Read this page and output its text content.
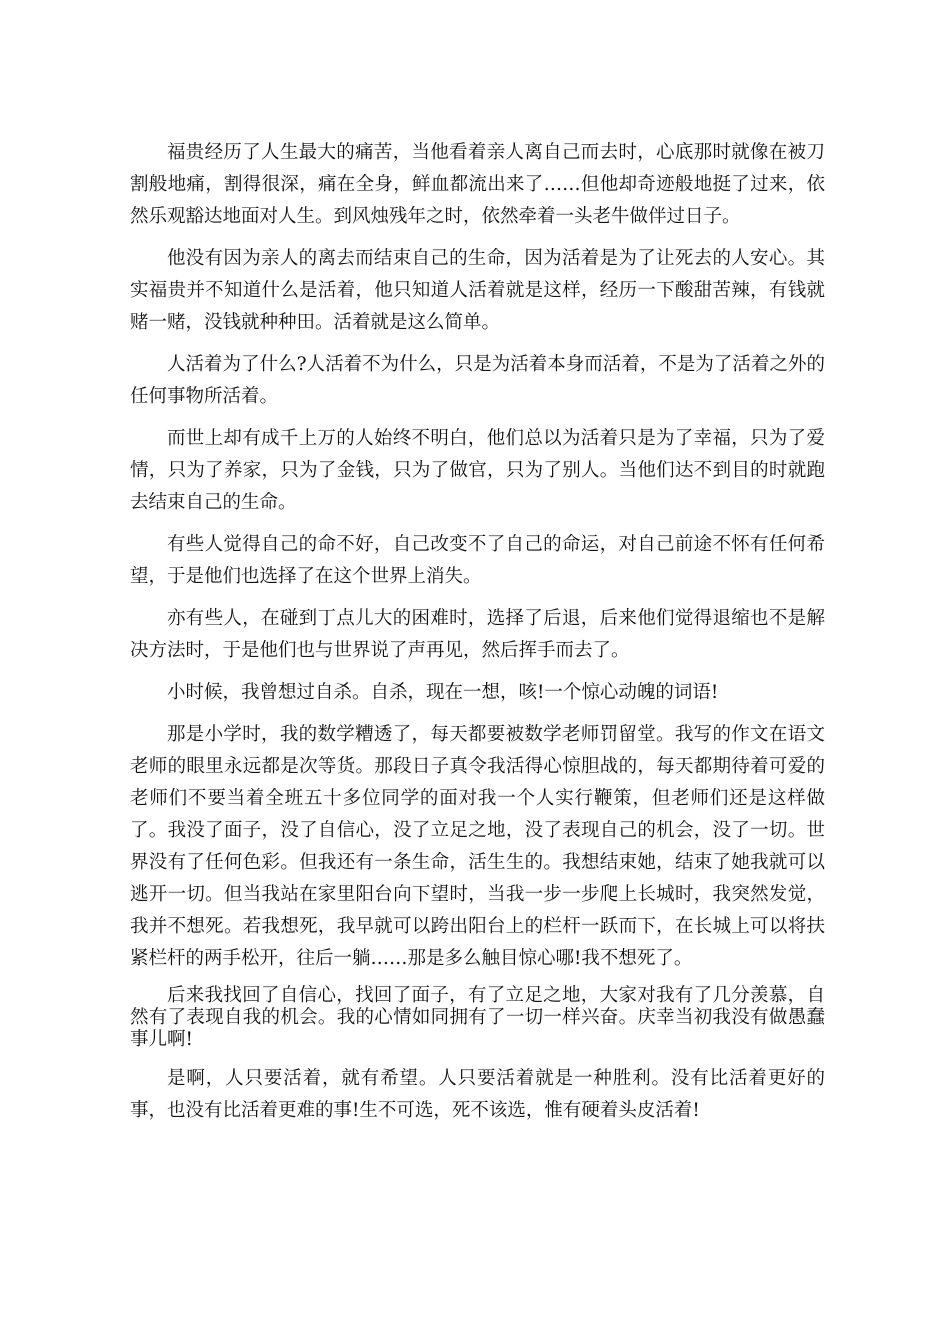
福贵经历了人生最大的痛苦，当他看着亲人离自己而去时，心底那时就像在被刀割般地痛，割得很深，痛在全身，鲜血都流出来了……但他却奇迹般地挺了过来，依然乐观豁达地面对人生。到风烛残年之时，依然牵着一头老牛做伴过日子。

他没有因为亲人的离去而结束自己的生命，因为活着是为了让死去的人安心。其实福贵并不知道什么是活着，他只知道人活着就是这样，经历一下酸甜苦辣，有钱就赌一赌，没钱就种种田。活着就是这么简单。

人活着为了什么?人活着不为什么，只是为活着本身而活着，不是为了活着之外的任何事物所活着。

而世上却有成千上万的人始终不明白，他们总以为活着只是为了幸福，只为了爱情，只为了养家，只为了金钱，只为了做官，只为了别人。当他们达不到目的时就跑去结束自己的生命。

有些人觉得自己的命不好，自己改变不了自己的命运，对自己前途不怀有任何希望，于是他们也选择了在这个世界上消失。

亦有些人，在碰到丁点儿大的困难时，选择了后退，后来他们觉得退缩也不是解决方法时，于是他们也与世界说了声再见，然后挥手而去了。

小时候，我曾想过自杀。自杀，现在一想，咳!一个惊心动魄的词语!

那是小学时，我的数学糟透了，每天都要被数学老师罚留堂。我写的作文在语文老师的眼里永远都是次等货。那段日子真令我活得心惊胆战的，每天都期待着可爱的老师们不要当着全班五十多位同学的面对我一个人实行鞭策，但老师们还是这样做了。我没了面子，没了自信心，没了立足之地，没了表现自己的机会，没了一切。世界没有了任何色彩。但我还有一条生命，活生生的。我想结束她，结束了她我就可以逃开一切。但当我站在家里阳台向下望时，当我一步一步爬上长城时，我突然发觉，我并不想死。若我想死，我早就可以跨出阳台上的栏杆一跃而下，在长城上可以将扶紧栏杆的两手松开，往后一躺……那是多么触目惊心哪!我不想死了。

后来我找回了自信心，找回了面子，有了立足之地，大家对我有了几分羡慕，自然有了表现自我的机会。我的心情如同拥有了一切一样兴奋。庆幸当初我没有做愚蠢事儿啊!

是啊，人只要活着，就有希望。人只要活着就是一种胜利。没有比活着更好的事，也没有比活着更难的事!生不可选，死不该选，惟有硬着头皮活着!
